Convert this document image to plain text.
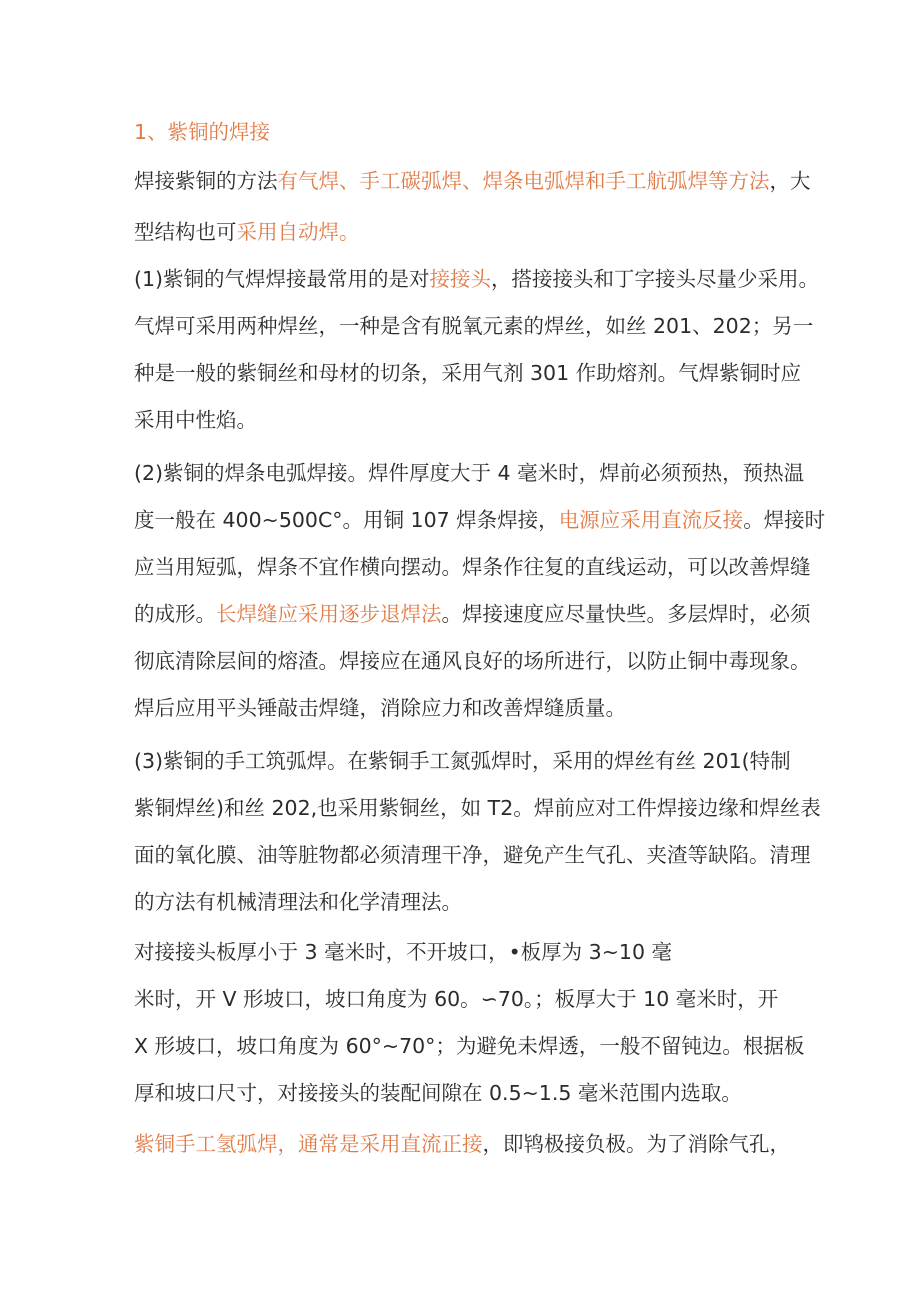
1、紫铜的焊接
焊接紫铜的方法有气焊、手工碳弧焊、焊条电弧焊和手工航弧焊等方法，大
型结构也可采用自动焊。
(1)紫铜的气焊焊接最常用的是对接接头，搭接接头和丁字接头尽量少采用。
气焊可采用两种焊丝，一种是含有脱氧元素的焊丝，如丝 201、202；另一
种是一般的紫铜丝和母材的切条，采用气剂 301 作助熔剂。气焊紫铜时应
采用中性焰。
(2)紫铜的焊条电弧焊接。焊件厚度大于 4 毫米时，焊前必须预热，预热温
度一般在 400~500C°。用铜 107 焊条焊接，电源应采用直流反接。焊接时
应当用短弧，焊条不宜作横向摆动。焊条作往复的直线运动，可以改善焊缝
的成形。长焊缝应采用逐步退焊法。焊接速度应尽量快些。多层焊时，必须
彻底清除层间的熔渣。焊接应在通风良好的场所进行，以防止铜中毒现象。
焊后应用平头锤敲击焊缝，消除应力和改善焊缝质量。
(3)紫铜的手工筑弧焊。在紫铜手工氮弧焊时，采用的焊丝有丝 201(特制
紫铜焊丝)和丝 202,也采用紫铜丝，如 T2。焊前应对工件焊接边缘和焊丝表
面的氧化膜、油等脏物都必须清理干净，避免产生气孔、夹渣等缺陷。清理
的方法有机械清理法和化学清理法。
对接接头板厚小于 3 毫米时，不开坡口，•板厚为 3~10 毫
米时，开 V 形坡口，坡口角度为 60。∽70。；板厚大于 10 毫米时，开
X 形坡口，坡口角度为 60°~70°；为避免未焊透，一般不留钝边。根据板
厚和坡口尺寸，对接接头的装配间隙在 0.5~1.5 毫米范围内选取。
紫铜手工氢弧焊，通常是采用直流正接，即鸨极接负极。为了消除气孔，
